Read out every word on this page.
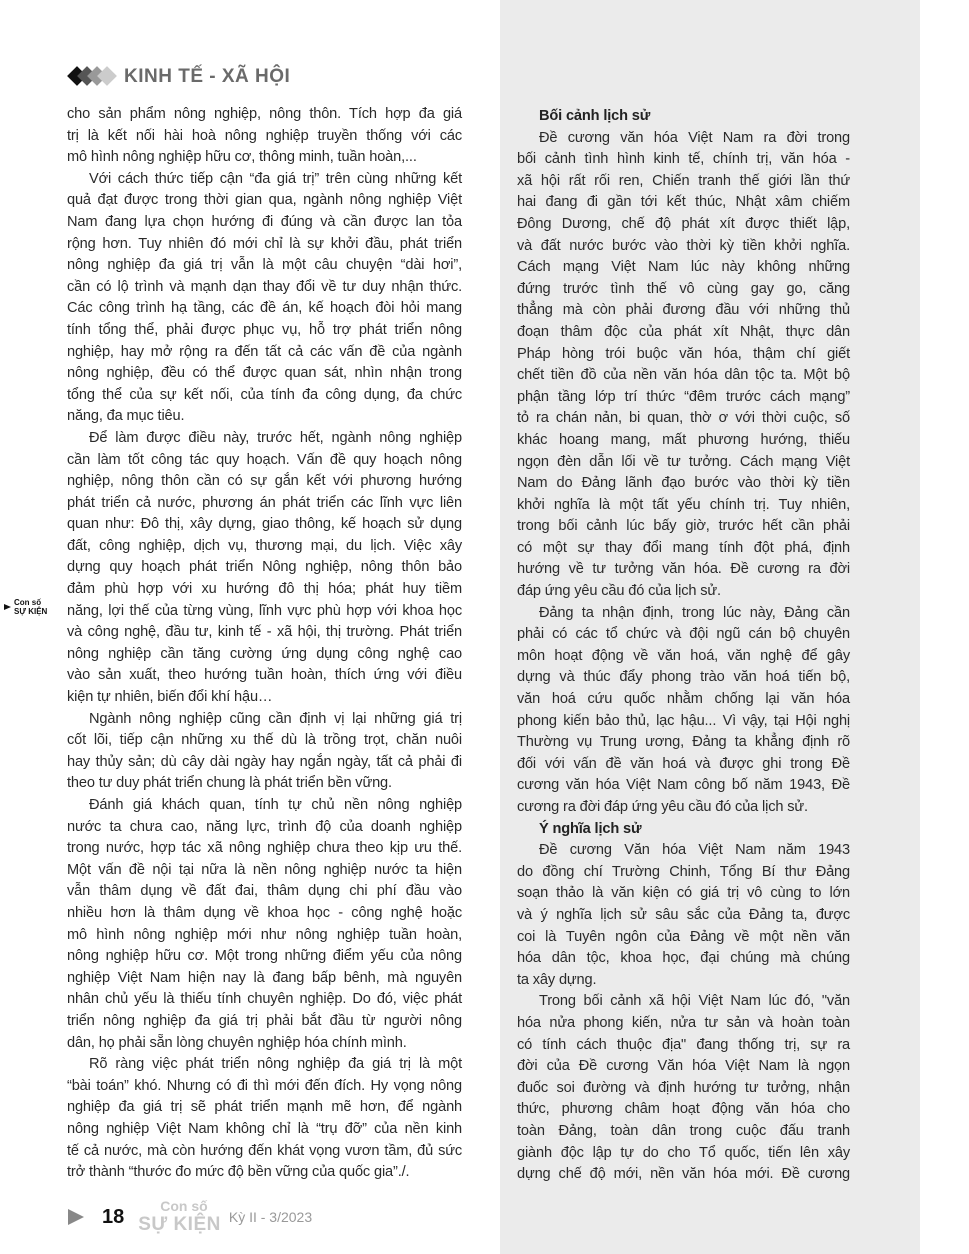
KINH TẾ - XÃ HỘI
cho sản phẩm nông nghiệp, nông thôn. Tích hợp đa giá
trị là kết nối hài hoà nông nghiệp truyền thống với các
mô hình nông nghiệp hữu cơ, thông minh, tuần hoàn,...
Với cách thức tiếp cận “đa giá trị” trên cùng những kết
quả đạt được trong thời gian qua, ngành nông nghiệp Việt
Nam đang lựa chọn hướng đi đúng và cần được lan tỏa
rộng hơn. Tuy nhiên đó mới chỉ là sự khởi đầu, phát triển
nông nghiệp đa giá trị vẫn là một câu chuyện “dài hơi”,
cần có lộ trình và mạnh dạn thay đổi về tư duy nhận thức.
Các công trình hạ tầng, các đề án, kế hoạch đòi hỏi mang
tính tổng thể, phải được phục vụ, hỗ trợ phát triển nông
nghiệp, hay mở rộng ra đến tất cả các vấn đề của ngành
nông nghiệp, đều có thể được quan sát, nhìn nhận trong
tổng thể của sự kết nối, của tính đa công dụng, đa chức
năng, đa mục tiêu.
Để làm được điều này, trước hết, ngành nông nghiệp
cần làm tốt công tác quy hoạch. Vấn đề quy hoạch nông
nghiệp, nông thôn cần có sự gắn kết với phương hướng
phát triển cả nước, phương án phát triển các lĩnh vực liên
quan như: Đô thị, xây dựng, giao thông, kế hoạch sử dụng
đất, công nghiệp, dịch vụ, thương mại, du lịch. Việc xây
dựng quy hoạch phát triển Nông nghiệp, nông thôn bảo
đảm phù hợp với xu hướng đô thị hóa; phát huy tiềm
năng, lợi thế của từng vùng, lĩnh vực phù hợp với khoa học
và công nghệ, đầu tư, kinh tế - xã hội, thị trường. Phát triển
nông nghiệp cần tăng cường ứng dụng công nghệ cao
vào sản xuất, theo hướng tuần hoàn, thích ứng với điều
kiện tự nhiên, biến đổi khí hậu…
Ngành nông nghiệp cũng cần định vị lại những giá trị
cốt lõi, tiếp cận những xu thế dù là trồng trọt, chăn nuôi
hay thủy sản; dù cây dài ngày hay ngắn ngày, tất cả phải đi
theo tư duy phát triển chung là phát triển bền vững.
Đánh giá khách quan, tính tự chủ nền nông nghiệp
nước ta chưa cao, năng lực, trình độ của doanh nghiệp
trong nước, hợp tác xã nông nghiệp chưa theo kịp ưu thế.
Một vấn đề nội tại nữa là nền nông nghiệp nước ta hiện
vẫn thâm dụng về đất đai, thâm dụng chi phí đầu vào
nhiều hơn là thâm dụng về khoa học - công nghệ hoặc
mô hình nông nghiệp mới như nông nghiệp tuần hoàn,
nông nghiệp hữu cơ. Một trong những điểm yếu của nông
nghiệp Việt Nam hiện nay là đang bấp bênh, mà nguyên
nhân chủ yếu là thiếu tính chuyên nghiệp. Do đó, việc phát
triển nông nghiệp đa giá trị phải bắt đầu từ người nông
dân, họ phải sẵn lòng chuyên nghiệp hóa chính mình.
Rõ ràng việc phát triển nông nghiệp đa giá trị là một
“bài toán” khó. Nhưng có đi thì mới đến đích. Hy vọng nông
nghiệp đa giá trị sẽ phát triển mạnh mẽ hơn, để ngành
nông nghiệp Việt Nam không chỉ là “trụ đỡ” của nền kinh
tế cả nước, mà còn hướng đến khát vọng vươn tầm, đủ sức
trở thành “thước đo mức độ bền vững của quốc gia”./.
Bối cảnh lịch sử
Đề cương văn hóa Việt Nam ra đời trong
bối cảnh tình hình kinh tế, chính trị, văn hóa -
xã hội rất rối ren, Chiến tranh thế giới lần thứ
hai đang đi gần tới kết thúc, Nhật xâm chiếm
Đông Dương, chế độ phát xít được thiết lập,
và đất nước bước vào thời kỳ tiền khởi nghĩa.
Cách mạng Việt Nam lúc này không những
đứng trước tình thế vô cùng gay go, căng
thẳng mà còn phải đương đầu với những thủ
đoạn thâm độc của phát xít Nhật, thực dân
Pháp hòng trói buộc văn hóa, thậm chí giết
chết tiền đồ của nền văn hóa dân tộc ta. Một bộ
phận tầng lớp trí thức “đêm trước cách mạng”
tỏ ra chán nản, bi quan, thờ ơ với thời cuộc, số
khác hoang mang, mất phương hướng, thiếu
ngọn đèn dẫn lối về tư tưởng. Cách mạng Việt
Nam do Đảng lãnh đạo bước vào thời kỳ tiền
khởi nghĩa là một tất yếu chính trị. Tuy nhiên,
trong bối cảnh lúc bấy giờ, trước hết cần phải
có một sự thay đổi mang tính đột phá, định
hướng về tư tưởng văn hóa. Đề cương ra đời
đáp ứng yêu cầu đó của lịch sử.
Đảng ta nhận định, trong lúc này, Đảng cần
phải có các tổ chức và đội ngũ cán bộ chuyên
môn hoạt động về văn hoá, văn nghệ để gây
dựng và thúc đẩy phong trào văn hoá tiến bộ,
văn hoá cứu quốc nhằm chống lại văn hóa
phong kiến bảo thủ, lạc hậu... Vì vậy, tại Hội nghị
Thường vụ Trung ương, Đảng ta khẳng định rõ
đối với vấn đề văn hoá và được ghi trong Đề
cương văn hóa Việt Nam công bố năm 1943, Đề
cương ra đời đáp ứng yêu cầu đó của lịch sử.
Ý nghĩa lịch sử
Đề cương Văn hóa Việt Nam năm 1943
do đồng chí Trường Chinh, Tổng Bí thư Đảng
soạn thảo là văn kiện có giá trị vô cùng to lớn
và ý nghĩa lịch sử sâu sắc của Đảng ta, được
coi là Tuyên ngôn của Đảng về một nền văn
hóa dân tộc, khoa học, đại chúng mà chúng
ta xây dựng.
Trong bối cảnh xã hội Việt Nam lúc đó, "văn
hóa nửa phong kiến, nửa tư sản và hoàn toàn
có tính cách thuộc địa" đang thống trị, sự ra
đời của Đề cương Văn hóa Việt Nam là ngọn
đuốc soi đường và định hướng tư tưởng, nhận
thức, phương châm hoạt động văn hóa cho
toàn Đảng, toàn dân trong cuộc đấu tranh
giành độc lập tự do cho Tổ quốc, tiến lên xây
dựng chế độ mới, nền văn hóa mới. Đề cương
Con số
SỰ KIỆN
18	Con số
SỰ KIỆN Kỳ II - 3/2023
